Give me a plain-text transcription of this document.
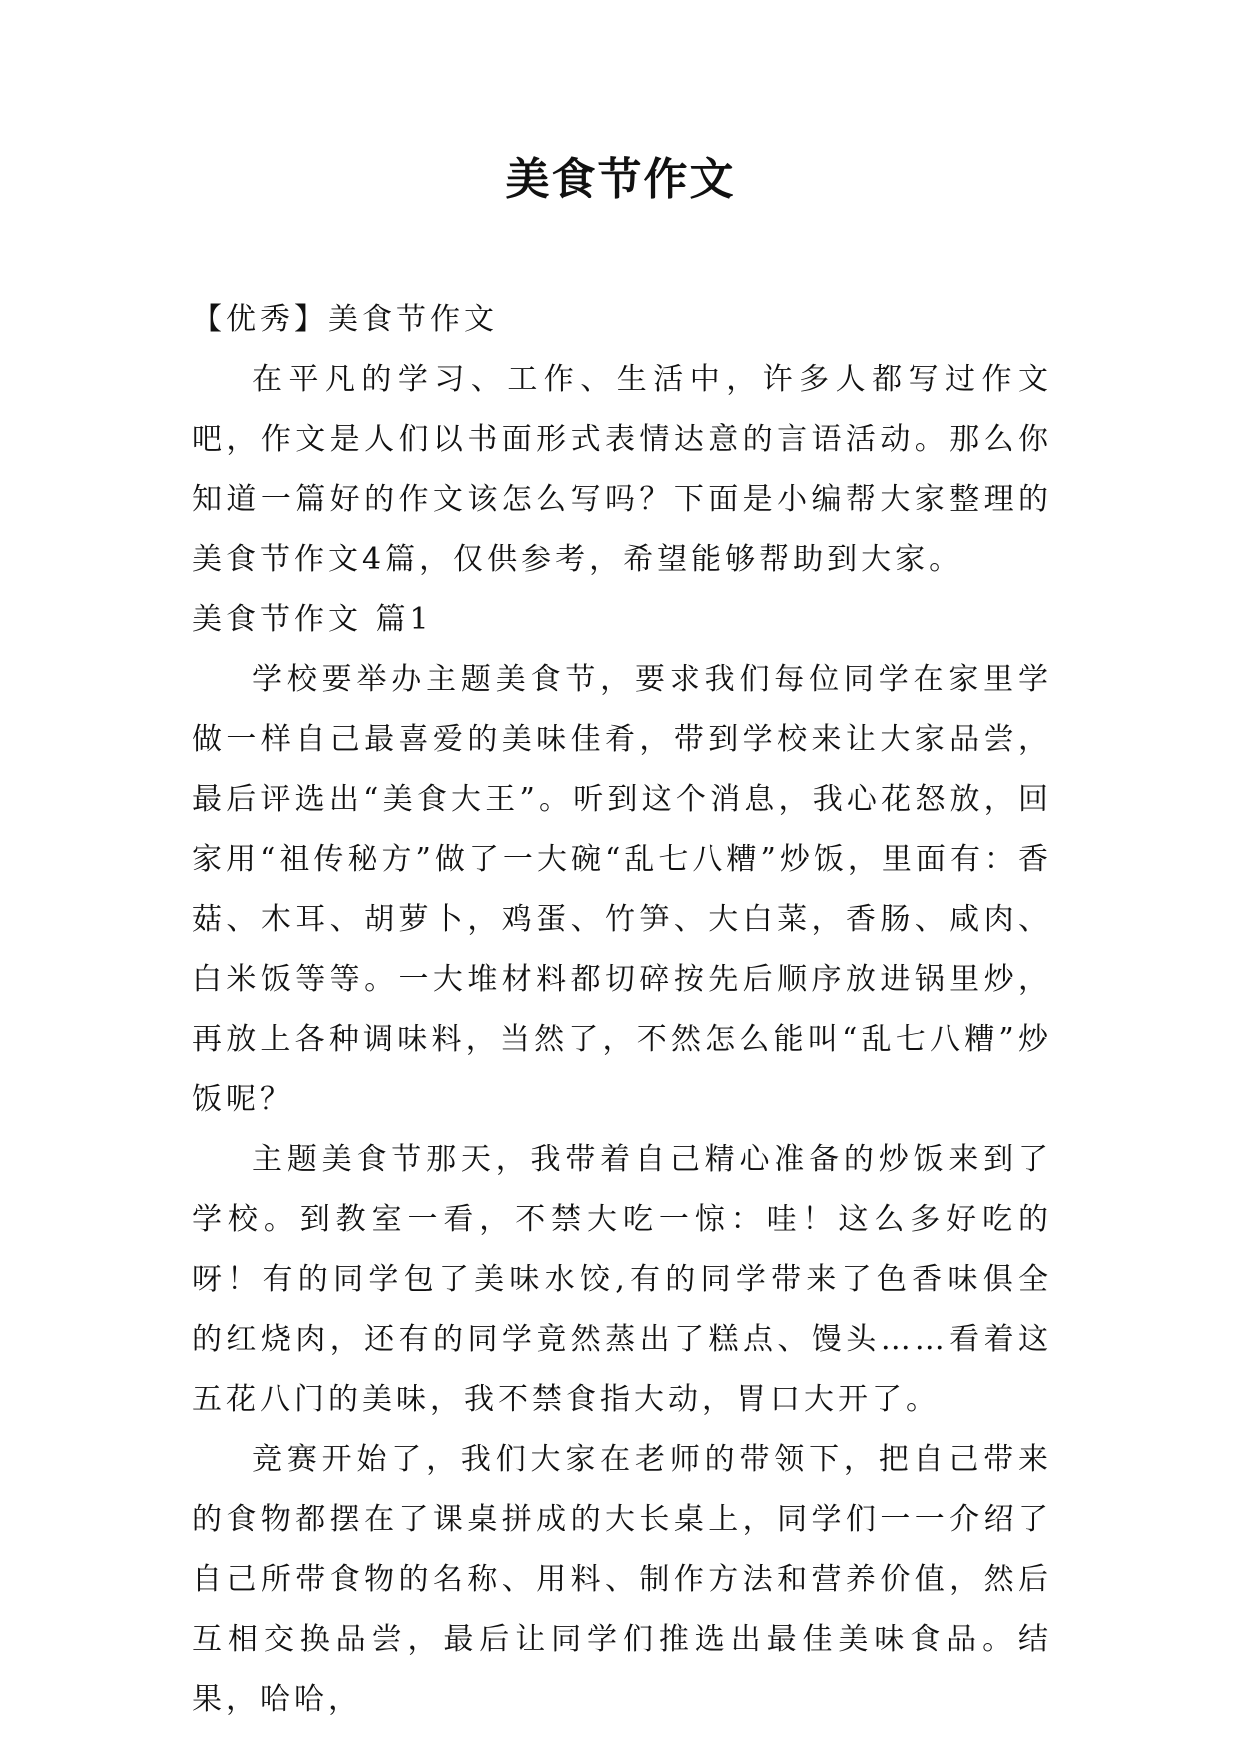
美食节作文

【优秀】美食节作文

在平凡的学习、工作、生活中，许多人都写过作文吧，作文是人们以书面形式表情达意的言语活动。那么你知道一篇好的作文该怎么写吗？下面是小编帮大家整理的美食节作文4篇，仅供参考，希望能够帮助到大家。

美食节作文 篇1

学校要举办主题美食节，要求我们每位同学在家里学做一样自己最喜爱的美味佳肴，带到学校来让大家品尝，最后评选出“美食大王”。听到这个消息，我心花怒放，回家用“祖传秘方”做了一大碗“乱七八糟”炒饭，里面有：香菇、木耳、胡萝卜，鸡蛋、竹笋、大白菜，香肠、咸肉、白米饭等等。一大堆材料都切碎按先后顺序放进锅里炒，再放上各种调味料，当然了，不然怎么能叫“乱七八糟”炒饭呢？

主题美食节那天，我带着自己精心准备的炒饭来到了学校。到教室一看，不禁大吃一惊：哇！这么多好吃的呀！有的同学包了美味水饺,有的同学带来了色香味俱全的红烧肉，还有的同学竟然蒸出了糕点、馒头……看着这五花八门的美味，我不禁食指大动，胃口大开了。

竞赛开始了，我们大家在老师的带领下，把自己带来的食物都摆在了课桌拼成的大长桌上，同学们一一介绍了自己所带食物的名称、用料、制作方法和营养价值，然后互相交换品尝，最后让同学们推选出最佳美味食品。结果，哈哈，
